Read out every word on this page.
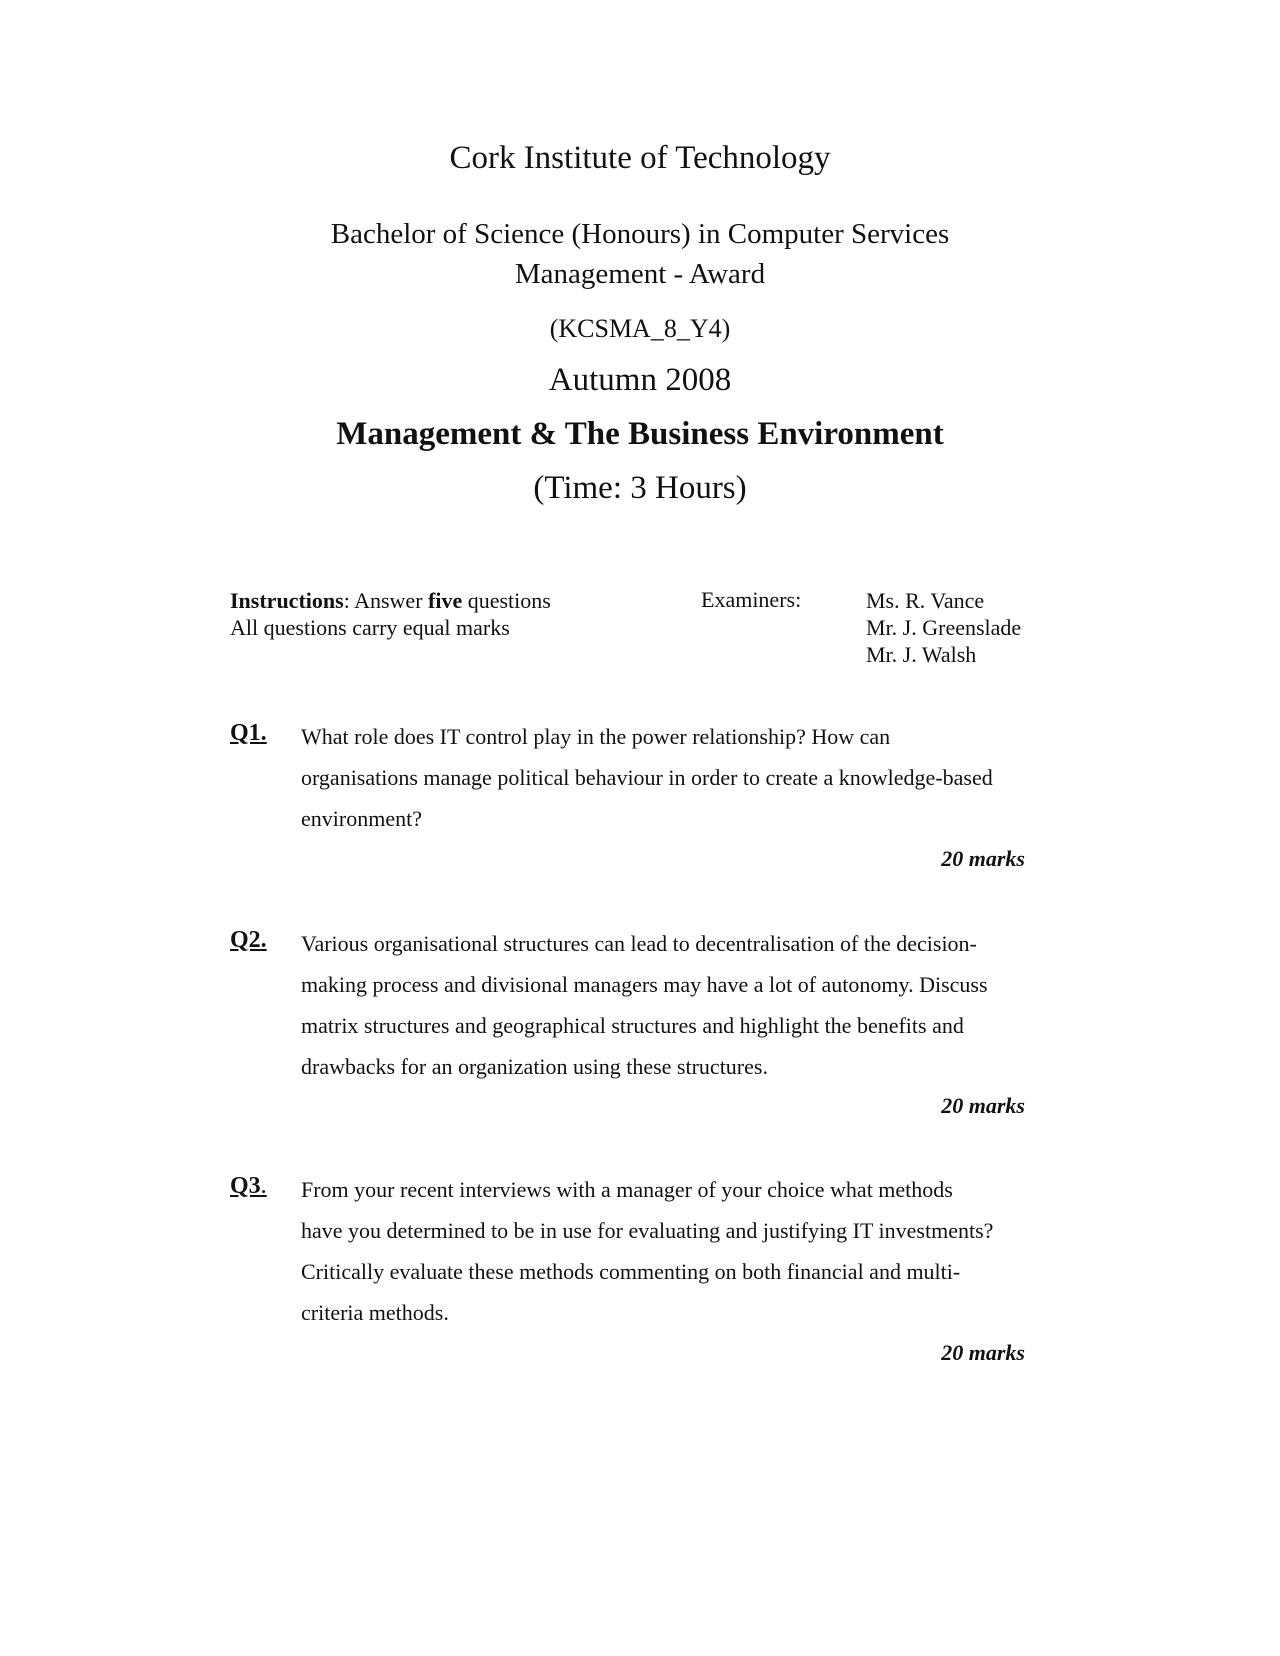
Cork Institute of Technology
Bachelor of Science (Honours) in Computer Services
Management - Award
(KCSMA_8_Y4)
Autumn 2008
Management & The Business Environment
(Time: 3 Hours)
Instructions: Answer five questions
All questions carry equal marks
Examiners:	Ms. R. Vance
Mr. J. Greenslade
Mr. J. Walsh
Q1. What role does IT control play in the power relationship? How can
organisations manage political behaviour in order to create a knowledge-based
environment?
20 marks
Q2. Various organisational structures can lead to decentralisation of the decision-
making process and divisional managers may have a lot of autonomy. Discuss
matrix structures and geographical structures and highlight the benefits and
drawbacks for an organization using these structures.
20 marks
Q3. From your recent interviews with a manager of your choice what methods
have you determined to be in use for evaluating and justifying IT investments?
Critically evaluate these methods commenting on both financial and multi-
criteria methods.
20 marks
